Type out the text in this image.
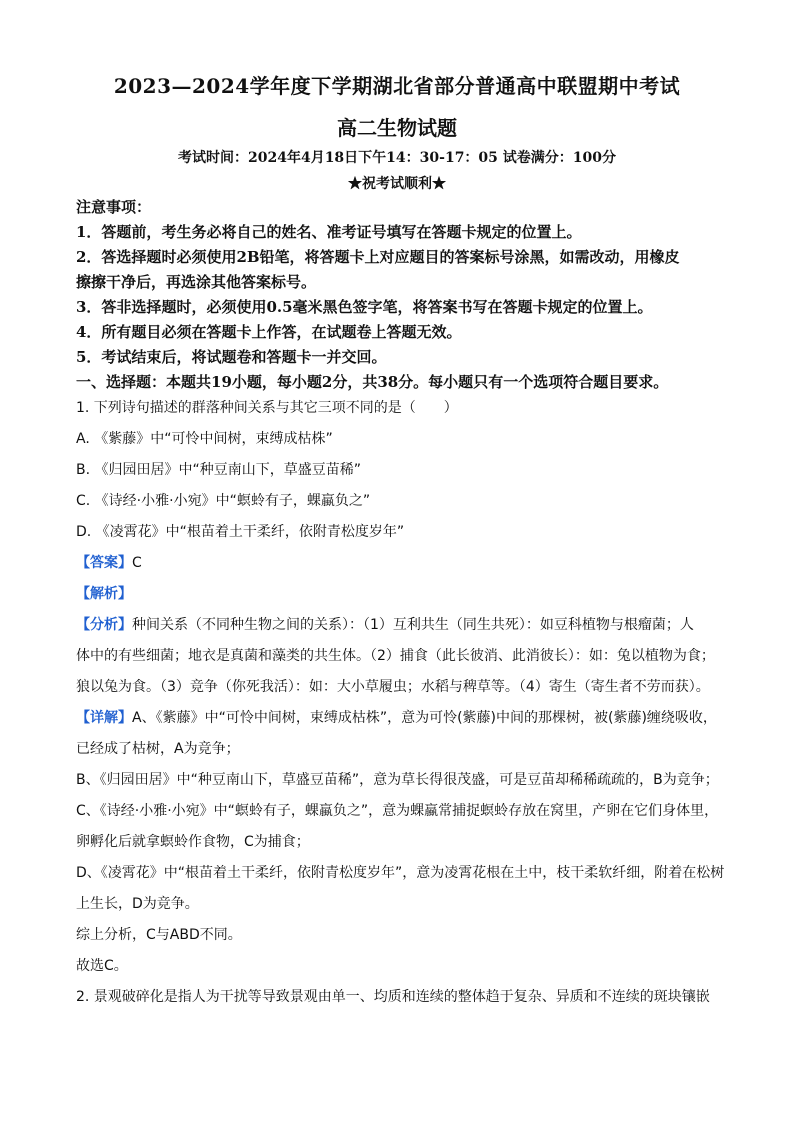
2023—2024学年度下学期湖北省部分普通高中联盟期中考试
高二生物试题
考试时间：2024年4月18日下午14：30-17：05 试卷满分：100分
★祝考试顺利★
注意事项：
1．答题前，考生务必将自己的姓名、准考证号填写在答题卡规定的位置上。
2．答选择题时必须使用2B铅笔，将答题卡上对应题目的答案标号涂黑，如需改动，用橡皮
擦擦干净后，再选涂其他答案标号。
3．答非选择题时，必须使用0.5毫米黑色签字笔，将答案书写在答题卡规定的位置上。
4．所有题目必须在答题卡上作答，在试题卷上答题无效。
5．考试结束后，将试题卷和答题卡一并交回。
一、选择题：本题共19小题，每小题2分，共38分。每小题只有一个选项符合题目要求。
1. 下列诗句描述的群落种间关系与其它三项不同的是（　　）
A. 《紫藤》中“可怜中间树，束缚成枯株”
B. 《归园田居》中“种豆南山下，草盛豆苗稀”
C. 《诗经·小雅·小宛》中“螟蛉有子，蜾蠃负之”
D. 《凌霄花》中“根苗着土干柔纤，依附青松度岁年”
【答案】C
【解析】
【分析】种间关系（不同种生物之间的关系）：（1）互利共生（同生共死）：如豆科植物与根瘤菌；人
体中的有些细菌；地衣是真菌和藻类的共生体。（2）捕食（此长彼消、此消彼长）：如：兔以植物为食；
狼以兔为食。（3）竞争（你死我活）：如：大小草履虫；水稻与稗草等。（4）寄生（寄生者不劳而获）。
【详解】A、《紫藤》中“可怜中间树，束缚成枯株”，意为可怜(紫藤)中间的那棵树，被(紫藤)缠绕吸收，
已经成了枯树，A为竞争；
B、《归园田居》中“种豆南山下，草盛豆苗稀”，意为草长得很茂盛，可是豆苗却稀稀疏疏的，B为竞争；
C、《诗经·小雅·小宛》中“螟蛉有子，蜾蠃负之”，意为蜾蠃常捕捉螟蛉存放在窝里，产卵在它们身体里，
卵孵化后就拿螟蛉作食物，C为捕食；
D、《凌霄花》中“根苗着土干柔纤，依附青松度岁年”，意为凌霄花根在土中，枝干柔软纤细，附着在松树
上生长，D为竞争。
综上分析，C与ABD不同。
故选C。
2. 景观破碎化是指人为干扰等导致景观由单一、均质和连续的整体趋于复杂、异质和不连续的斑块镶嵌
